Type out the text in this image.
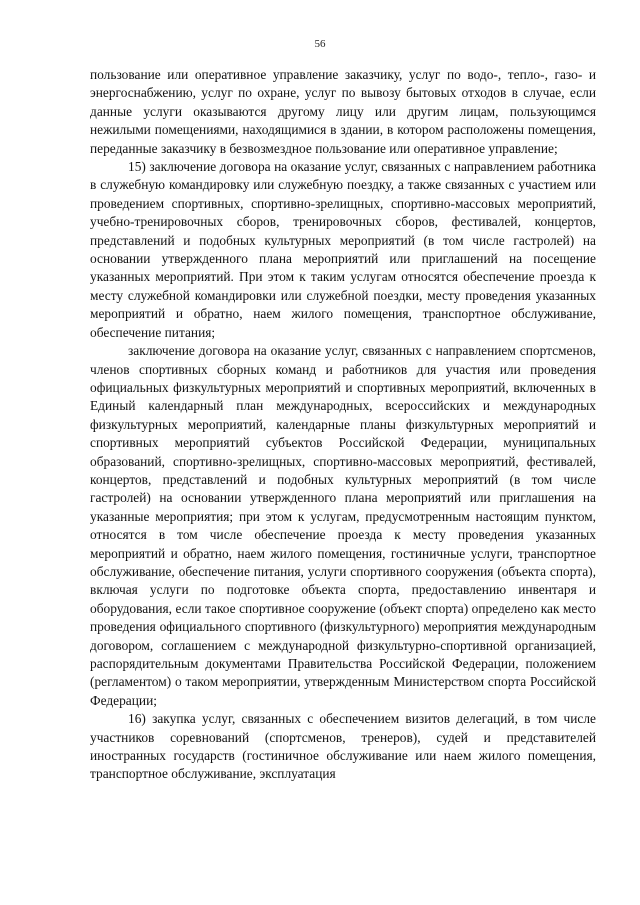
56

пользование или оперативное управление заказчику, услуг по водо-, тепло-, газо- и энергоснабжению, услуг по охране, услуг по вывозу бытовых отходов в случае, если данные услуги оказываются другому лицу или другим лицам, пользующимся нежилыми помещениями, находящимися в здании, в котором расположены помещения, переданные заказчику в безвозмездное пользование или оперативное управление;

15) заключение договора на оказание услуг, связанных с направлением работника в служебную командировку или служебную поездку, а также связанных с участием или проведением спортивных, спортивно-зрелищных, спортивно-массовых мероприятий, учебно-тренировочных сборов, тренировочных сборов, фестивалей, концертов, представлений и подобных культурных мероприятий (в том числе гастролей) на основании утвержденного плана мероприятий или приглашений на посещение указанных мероприятий. При этом к таким услугам относятся обеспечение проезда к месту служебной командировки или служебной поездки, месту проведения указанных мероприятий и обратно, наем жилого помещения, транспортное обслуживание, обеспечение питания;

заключение договора на оказание услуг, связанных с направлением спортсменов, членов спортивных сборных команд и работников для участия или проведения официальных физкультурных мероприятий и спортивных мероприятий, включенных в Единый календарный план международных, всероссийских и международных физкультурных мероприятий, календарные планы физкультурных мероприятий и спортивных мероприятий субъектов Российской Федерации, муниципальных образований, спортивно-зрелищных, спортивно-массовых мероприятий, фестивалей, концертов, представлений и подобных культурных мероприятий (в том числе гастролей) на основании утвержденного плана мероприятий или приглашения на указанные мероприятия; при этом к услугам, предусмотренным настоящим пунктом, относятся в том числе обеспечение проезда к месту проведения указанных мероприятий и обратно, наем жилого помещения, гостиничные услуги, транспортное обслуживание, обеспечение питания, услуги спортивного сооружения (объекта спорта), включая услуги по подготовке объекта спорта, предоставлению инвентаря и оборудования, если такое спортивное сооружение (объект спорта) определено как место проведения официального спортивного (физкультурного) мероприятия международным договором, соглашением с международной физкультурно-спортивной организацией, распорядительным документами Правительства Российской Федерации, положением (регламентом) о таком мероприятии, утвержденным Министерством спорта Российской Федерации;

16) закупка услуг, связанных с обеспечением визитов делегаций, в том числе участников соревнований (спортсменов, тренеров), судей и представителей иностранных государств (гостиничное обслуживание или наем жилого помещения, транспортное обслуживание, эксплуатация
